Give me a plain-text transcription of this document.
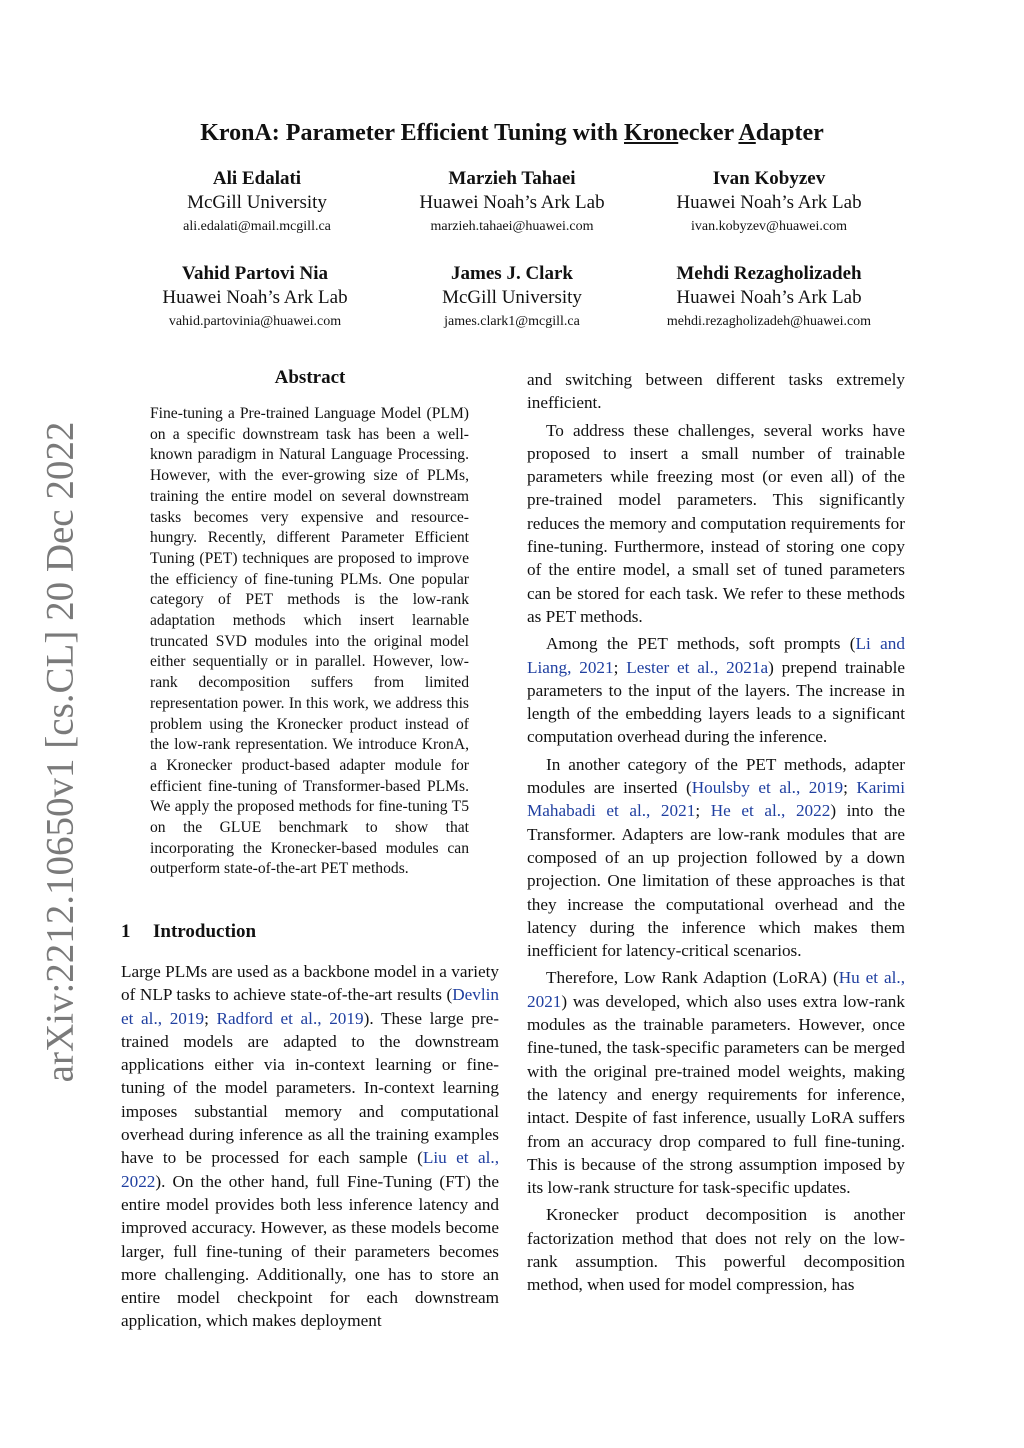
arXiv:2212.10650v1 [cs.CL] 20 Dec 2022
KronA: Parameter Efficient Tuning with Kronecker Adapter
Ali Edalati
McGill University
ali.edalati@mail.mcgill.ca
Marzieh Tahaei
Huawei Noah’s Ark Lab
marzieh.tahaei@huawei.com
Ivan Kobyzev
Huawei Noah’s Ark Lab
ivan.kobyzev@huawei.com
Vahid Partovi Nia
Huawei Noah’s Ark Lab
vahid.partovinia@huawei.com
James J. Clark
McGill University
james.clark1@mcgill.ca
Mehdi Rezagholizadeh
Huawei Noah’s Ark Lab
mehdi.rezagholizadeh@huawei.com
Abstract
Fine-tuning a Pre-trained Language Model (PLM) on a specific downstream task has been a well-known paradigm in Natural Language Processing. However, with the ever-growing size of PLMs, training the entire model on several downstream tasks becomes very expensive and resource-hungry. Recently, different Parameter Efficient Tuning (PET) techniques are proposed to improve the efficiency of fine-tuning PLMs. One popular category of PET methods is the low-rank adaptation methods which insert learnable truncated SVD modules into the original model either sequentially or in parallel. However, low-rank decomposition suffers from limited representation power. In this work, we address this problem using the Kronecker product instead of the low-rank representation. We introduce KronA, a Kronecker product-based adapter module for efficient fine-tuning of Transformer-based PLMs. We apply the proposed methods for fine-tuning T5 on the GLUE benchmark to show that incorporating the Kronecker-based modules can outperform state-of-the-art PET methods.
1 Introduction

Large PLMs are used as a backbone model in a variety of NLP tasks to achieve state-of-the-art results (Devlin et al., 2019; Radford et al., 2019). These large pre-trained models are adapted to the downstream applications either via in-context learning or fine-tuning of the model parameters. In-context learning imposes substantial memory and computational overhead during inference as all the training examples have to be processed for each sample (Liu et al., 2022). On the other hand, full Fine-Tuning (FT) the entire model provides both less inference latency and improved accuracy. However, as these models become larger, full fine-tuning of their parameters becomes more challenging. Additionally, one has to store an entire model checkpoint for each downstream application, which makes deployment

and switching between different tasks extremely inefficient.

To address these challenges, several works have proposed to insert a small number of trainable parameters while freezing most (or even all) of the pre-trained model parameters. This significantly reduces the memory and computation requirements for fine-tuning. Furthermore, instead of storing one copy of the entire model, a small set of tuned parameters can be stored for each task. We refer to these methods as PET methods.

Among the PET methods, soft prompts (Li and Liang, 2021; Lester et al., 2021a) prepend trainable parameters to the input of the layers. The increase in length of the embedding layers leads to a significant computation overhead during the inference.

In another category of the PET methods, adapter modules are inserted (Houlsby et al., 2019; Karimi Mahabadi et al., 2021; He et al., 2022) into the Transformer. Adapters are low-rank modules that are composed of an up projection followed by a down projection. One limitation of these approaches is that they increase the computational overhead and the latency during the inference which makes them inefficient for latency-critical scenarios.

Therefore, Low Rank Adaption (LoRA) (Hu et al., 2021) was developed, which also uses extra low-rank modules as the trainable parameters. However, once fine-tuned, the task-specific parameters can be merged with the original pre-trained model weights, making the latency and energy requirements for inference, intact. Despite of fast inference, usually LoRA suffers from an accuracy drop compared to full fine-tuning. This is because of the strong assumption imposed by its low-rank structure for task-specific updates.

Kronecker product decomposition is another factorization method that does not rely on the low-rank assumption. This powerful decomposition method, when used for model compression, has
